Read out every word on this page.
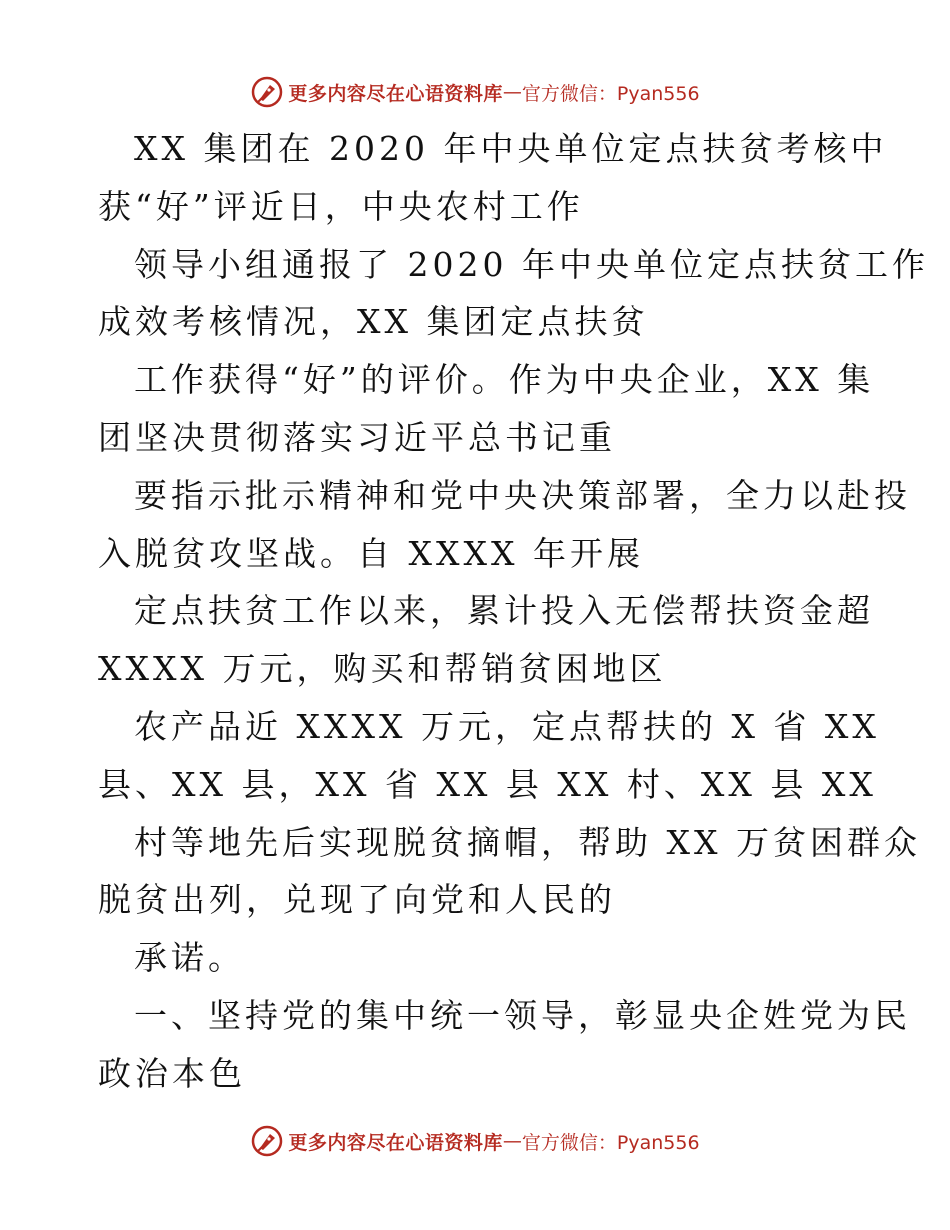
更多内容尽在心语资料库 — 官方微信：Pyan556
XX 集团在 2020 年中央单位定点扶贫考核中
获“好”评近日，中央农村工作
领导小组通报了 2020 年中央单位定点扶贫工作
成效考核情况，XX 集团定点扶贫
工作获得“好”的评价。作为中央企业，XX 集
团坚决贯彻落实习近平总书记重
要指示批示精神和党中央决策部署，全力以赴投
入脱贫攻坚战。自 XXXX 年开展
定点扶贫工作以来，累计投入无偿帮扶资金超
XXXX 万元，购买和帮销贫困地区
农产品近 XXXX 万元，定点帮扶的 X 省 XX
县、XX 县，XX 省 XX 县 XX 村、XX 县 XX
村等地先后实现脱贫摘帽，帮助 XX 万贫困群众
脱贫出列，兑现了向党和人民的
承诺。
一、坚持党的集中统一领导，彰显央企姓党为民
政治本色
更多内容尽在心语资料库 — 官方微信：Pyan556
